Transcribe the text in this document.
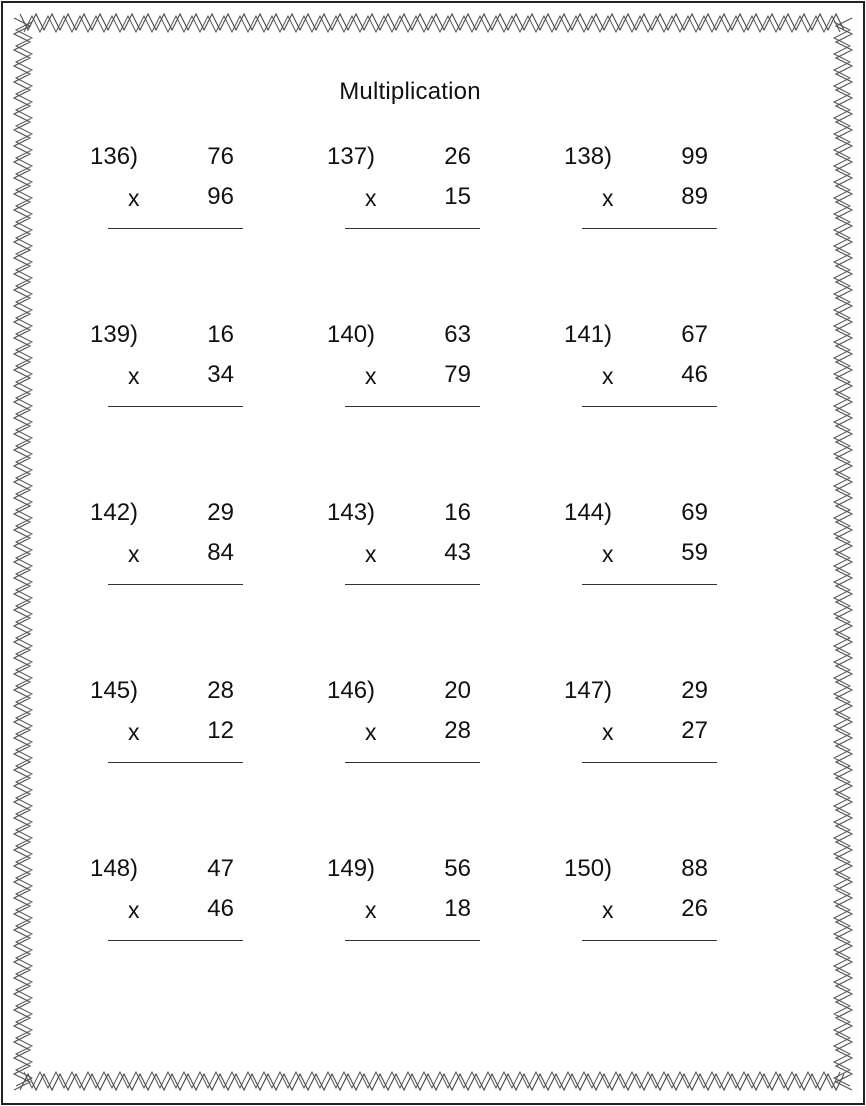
Multiplication
136)	76
x	96
137)	26
x	15
138)	99
x	89
139)	16
x	34
140)	63
x	79
141)	67
x	46
142)	29
x	84
143)	16
x	43
144)	69
x	59
145)	28
x	12
146)	20
x	28
147)	29
x	27
148)	47
x	46
149)	56
x	18
150)	88
x	26
